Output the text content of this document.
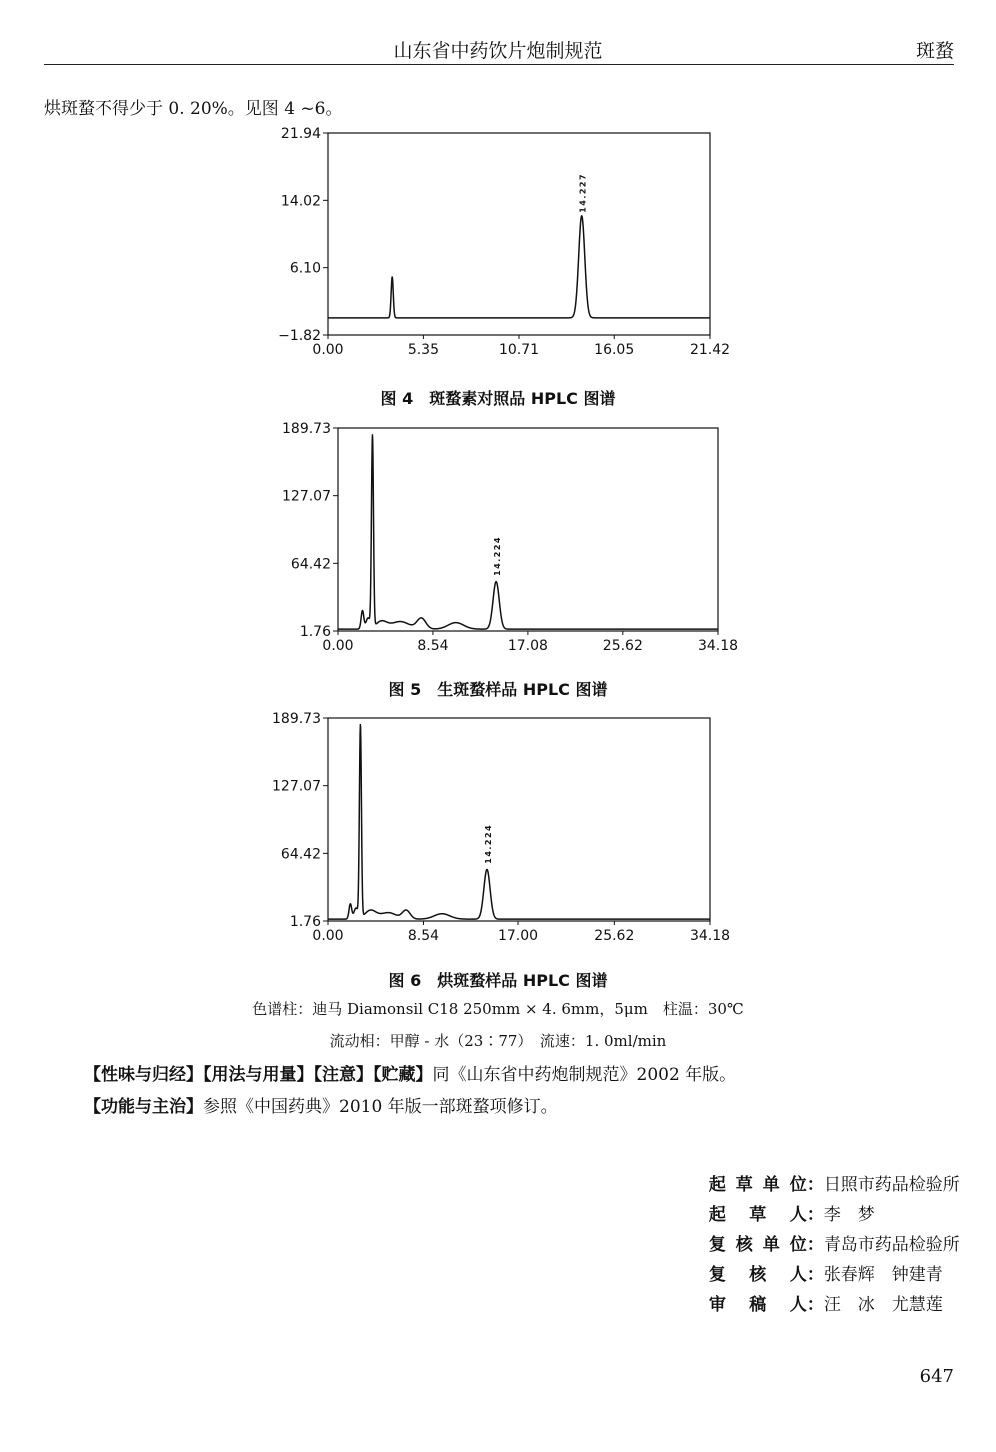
山东省中药饮片炮制规范	斑蝥
烘斑蝥不得少于 0. 20%。见图 4 ~6。
−1.82
6.10
14.02
21.94
0.00	5.35	10.71	16.05	21.42
14.227
图 4　斑蝥素对照品 HPLC 图谱
1.76
64.42
127.07
189.73
0.00	8.54	17.08	25.62	34.18
14.224
图 5　生斑蝥样品 HPLC 图谱
1.76
64.42
127.07
189.73
0.00	8.54	17.00	25.62	34.18
14.224
图 6　烘斑蝥样品 HPLC 图谱
色谱柱：迪马 Diamonsil C18 250mm × 4. 6mm，5μm　柱温：30℃
流动相：甲醇 - 水（23∶77）　流速：1. 0ml/min
【性味与归经】【用法与用量】【注意】【贮藏】同《山东省中药炮制规范》2002 年版。
【功能与主治】参照《中国药典》2010 年版一部斑蝥项修订。

起草单位：日照市药品检验所

起 草 人：李　梦

复核单位：青岛市药品检验所

复 核 人：张春辉　钟建青

审 稿 人：汪　冰　尤慧莲

647
